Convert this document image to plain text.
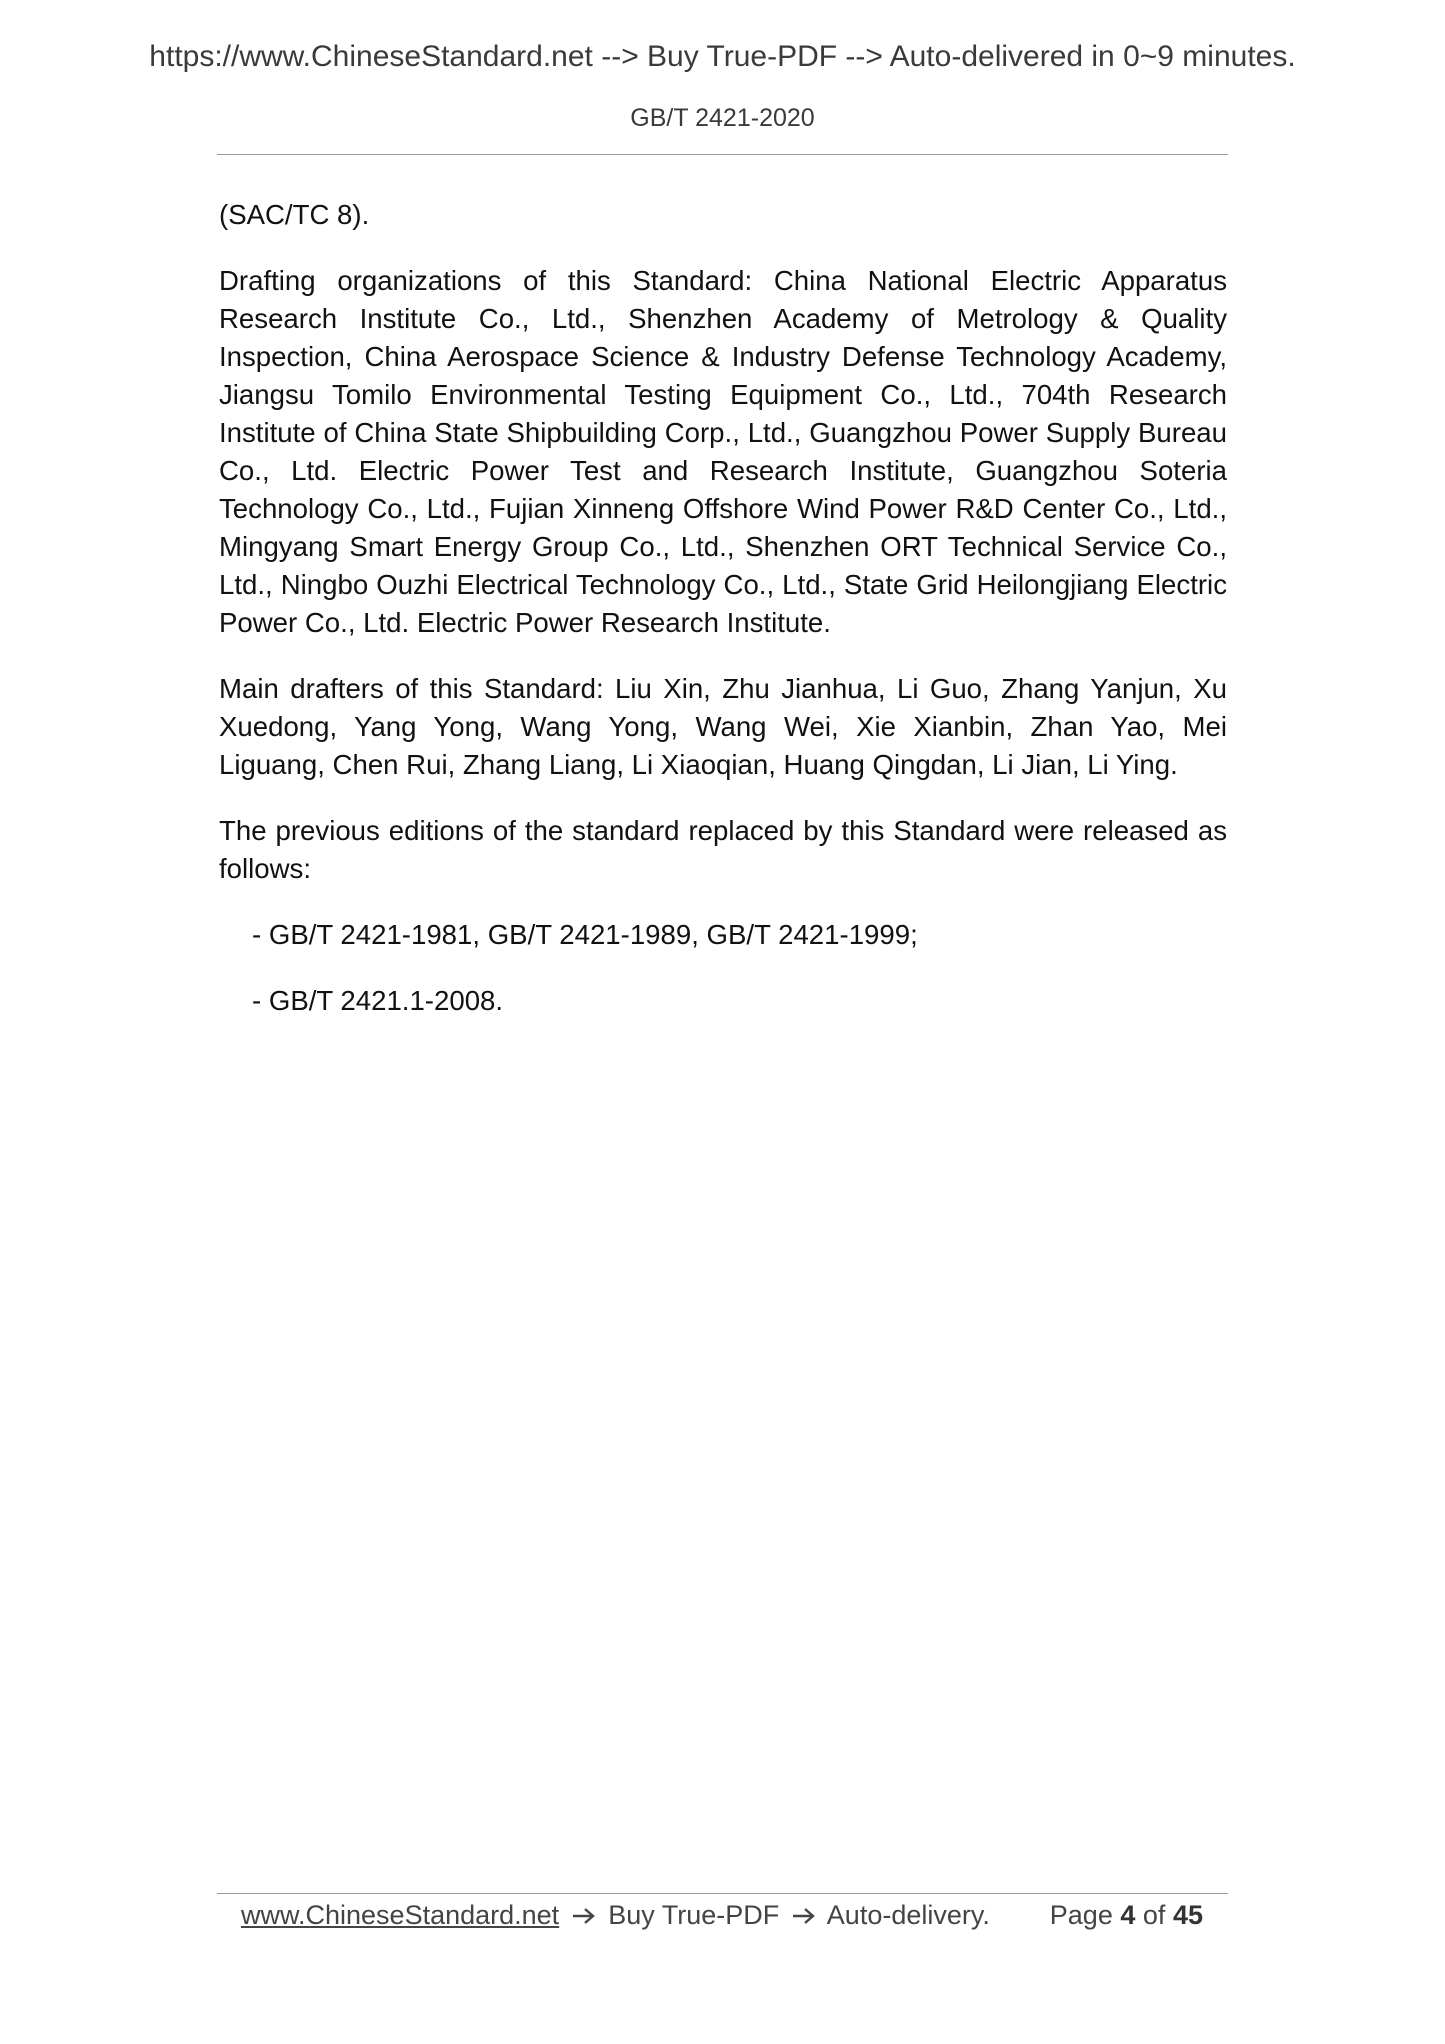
https://www.ChineseStandard.net --> Buy True-PDF --> Auto-delivered in 0~9 minutes.
GB/T 2421-2020

(SAC/TC 8).

Drafting organizations of this Standard: China National Electric Apparatus Research Institute Co., Ltd., Shenzhen Academy of Metrology & Quality Inspection, China Aerospace Science & Industry Defense Technology Academy, Jiangsu Tomilo Environmental Testing Equipment Co., Ltd., 704th Research Institute of China State Shipbuilding Corp., Ltd., Guangzhou Power Supply Bureau Co., Ltd. Electric Power Test and Research Institute, Guangzhou Soteria Technology Co., Ltd., Fujian Xinneng Offshore Wind Power R&D Center Co., Ltd., Mingyang Smart Energy Group Co., Ltd., Shenzhen ORT Technical Service Co., Ltd., Ningbo Ouzhi Electrical Technology Co., Ltd., State Grid Heilongjiang Electric Power Co., Ltd. Electric Power Research Institute.

Main drafters of this Standard: Liu Xin, Zhu Jianhua, Li Guo, Zhang Yanjun, Xu Xuedong, Yang Yong, Wang Yong, Wang Wei, Xie Xianbin, Zhan Yao, Mei Liguang, Chen Rui, Zhang Liang, Li Xiaoqian, Huang Qingdan, Li Jian, Li Ying.

The previous editions of the standard replaced by this Standard were released as follows:

- GB/T 2421-1981, GB/T 2421-1989, GB/T 2421-1999;

- GB/T 2421.1-2008.

www.ChineseStandard.net Buy True-PDF Auto-delivery. Page 4 of 45
